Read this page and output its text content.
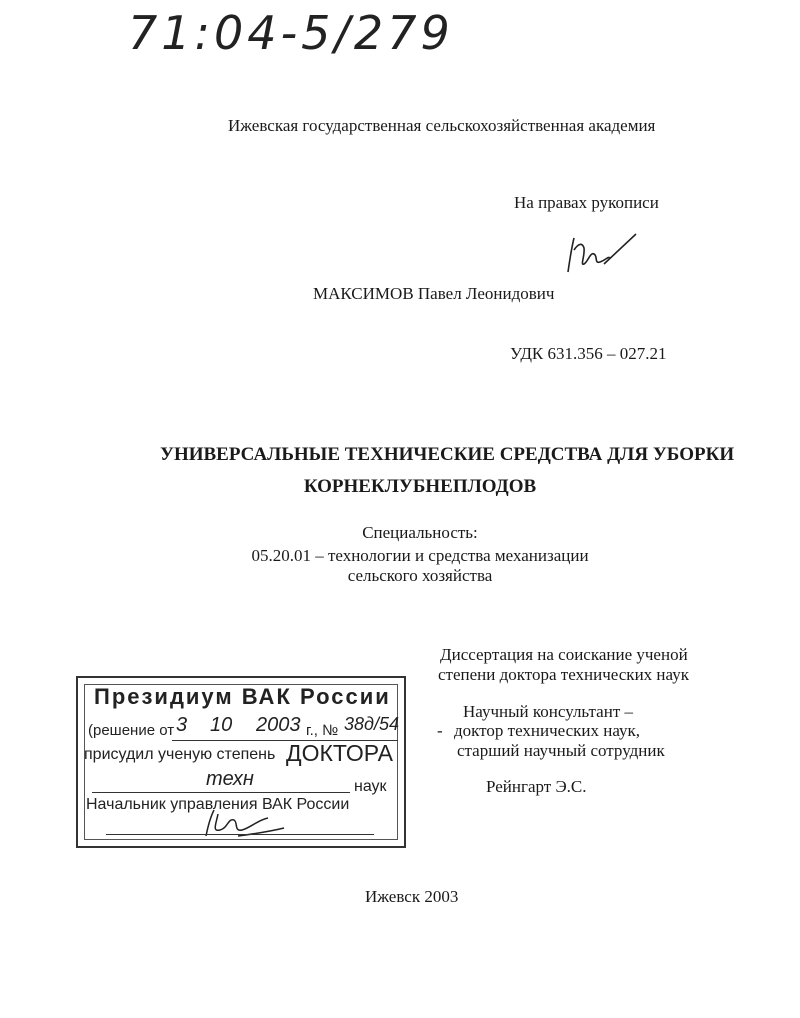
71:04-5/279
Ижевская государственная сельскохозяйственная академия
На правах рукописи
МАКСИМОВ Павел Леонидович
УДК 631.356 – 027.21
УНИВЕРСАЛЬНЫЕ ТЕХНИЧЕСКИЕ СРЕДСТВА ДЛЯ УБОРКИ
КОРНЕКЛУБНЕПЛОДОВ
Специальность:
05.20.01 – технологии и средства механизации
сельского хозяйства
Диссертация на соискание ученой
степени доктора технических наук
Научный консультант –
- доктор технических наук,
старший научный сотрудник
Рейнгарт Э.С.
Президиум ВАК России
(решение от 3 10 2003 г., № 38д/54
присудил ученую степень ДОКТОРА
техн	наук
Начальник управления ВАК России
Ижевск 2003
